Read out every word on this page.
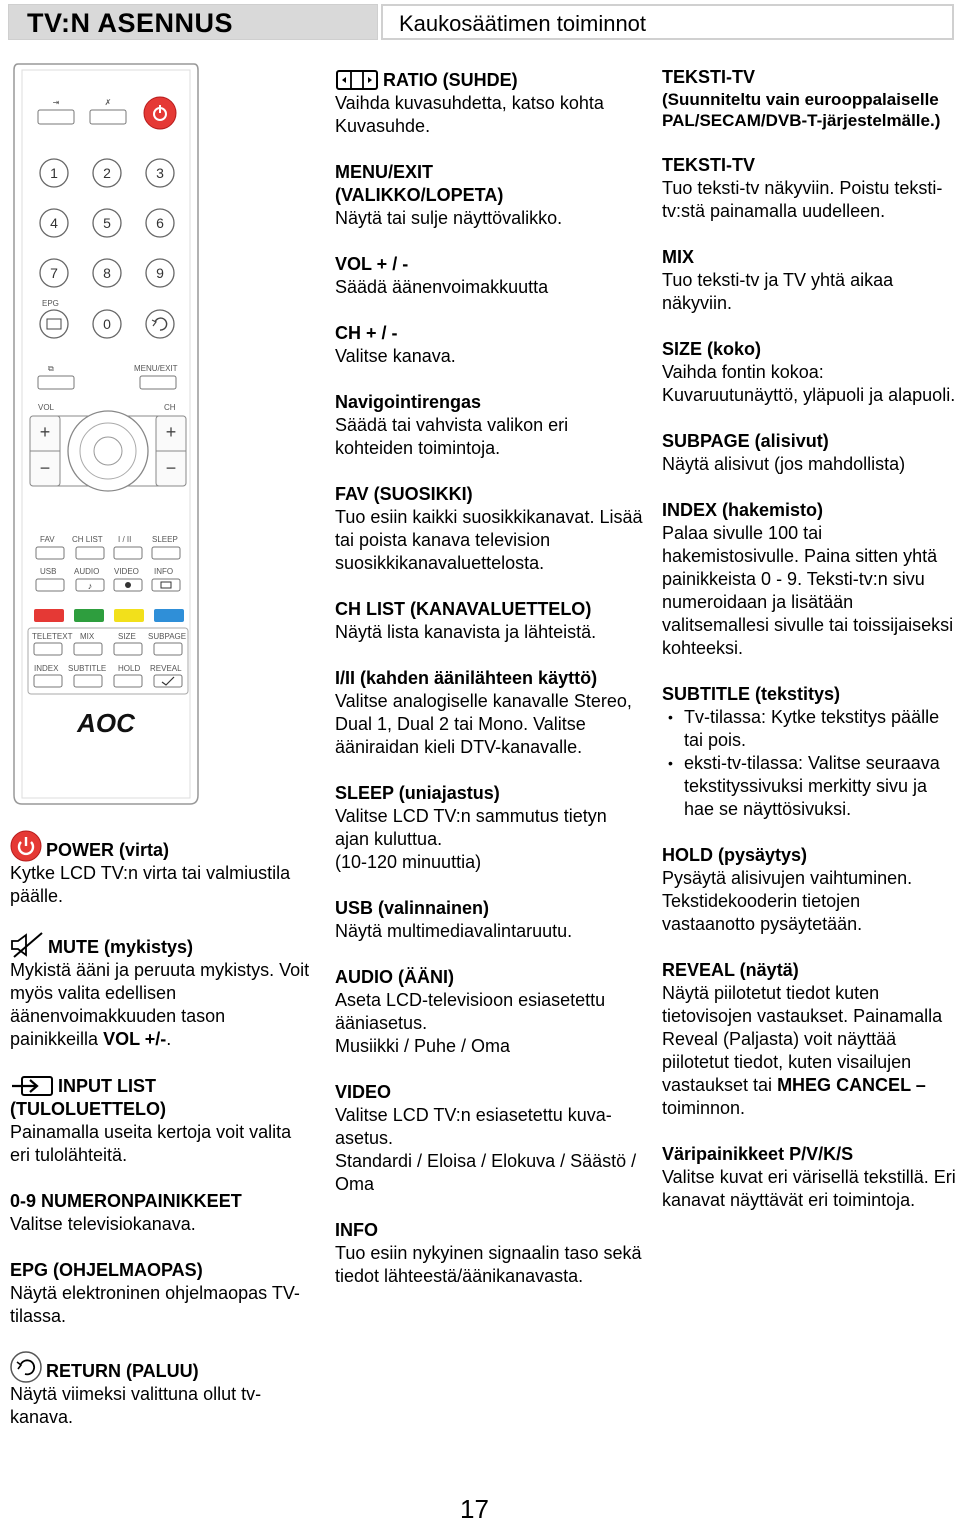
TV:N ASENNUS	Kaukosäätimen toiminnot
⇥	✗
1	2	3
4	5	6
7	8	9
EPG
0
⧉	MENU/EXIT
VOL	CH
+
−
+
−
FAV CH LIST I / II	SLEEP
USB AUDIO VIDEO INFO
♪
TELETEXT MIX	SIZE SUBPAGE
INDEX SUBTITLE HOLD REVEAL
AOC
POWER (virta)
Kytke LCD TV:n virta tai valmiustila päälle.
MUTE (mykistys)
Mykistä ääni ja peruuta mykistys. Voit myös valita edellisen äänenvoimakkuuden tason painikkeilla VOL +/-.
INPUT LIST
(TULOLUETTELO)
Painamalla useita kertoja voit valita eri tulolähteitä.
0-9 NUMERONPAINIKKEET
Valitse televisiokanava.
EPG (OHJELMAOPAS)
Näytä elektroninen ohjelmaopas TV-tilassa.
RETURN (PALUU)
Näytä viimeksi valittuna ollut tv-kanava.
RATIO (SUHDE)
Vaihda kuvasuhdetta, katso kohta Kuvasuhde.
MENU/EXIT
(VALIKKO/LOPETA)
Näytä tai sulje näyttövalikko.
VOL + / -
Säädä äänenvoimakkuutta
CH + / -
Valitse kanava.
Navigointirengas
Säädä tai vahvista valikon eri kohteiden toimintoja.
FAV (SUOSIKKI)
Tuo esiin kaikki suosikkikanavat. Lisää tai poista kanava television suosikkikanavaluettelosta.
CH LIST (KANAVALUETTELO)
Näytä lista kanavista ja lähteistä.
I/II (kahden äänilähteen käyttö)
Valitse analogiselle kanavalle Stereo, Dual 1, Dual 2 tai Mono. Valitse ääniraidan kieli DTV-kanavalle.
SLEEP (uniajastus)
Valitse LCD TV:n sammutus tietyn ajan kuluttua.
(10-120 minuuttia)
USB (valinnainen)
Näytä multimediavalintaruutu.
AUDIO (ÄÄNI)
Aseta LCD-televisioon esiasetettu ääniasetus.
Musiikki / Puhe / Oma
VIDEO
Valitse LCD TV:n esiasetettu kuva-asetus.
Standardi / Eloisa / Elokuva / Säästö / Oma
INFO
Tuo esiin nykyinen signaalin taso sekä tiedot lähteestä/äänikanavasta.
TEKSTI-TV
(Suunniteltu vain eurooppalaiselle PAL/SECAM/DVB-T-järjestelmälle.)
TEKSTI-TV
Tuo teksti-tv näkyviin. Poistu teksti-tv:stä painamalla uudelleen.
MIX
Tuo teksti-tv ja TV yhtä aikaa näkyviin.
SIZE (koko)
Vaihda fontin kokoa: Kuvaruutunäyttö, yläpuoli ja alapuoli.
SUBPAGE (alisivut)
Näytä alisivut (jos mahdollista)
INDEX (hakemisto)
Palaa sivulle 100 tai hakemistosivulle. Paina sitten yhtä painikkeista 0 - 9. Teksti-tv:n sivu numeroidaan ja lisätään valitsemallesi sivulle tai toissijaiseksi kohteeksi.
SUBTITLE (tekstitys)
• Tv-tilassa: Kytke tekstitys päälle tai pois.
• eksti-tv-tilassa: Valitse seuraava tekstityssivuksi merkitty sivu ja hae se näyttösivuksi.
HOLD (pysäytys)
Pysäytä alisivujen vaihtuminen. Tekstidekooderin tietojen vastaanotto pysäytetään.
REVEAL (näytä)
Näytä piilotetut tiedot kuten tietovisojen vastaukset. Painamalla Reveal (Paljasta) voit näyttää piilotetut tiedot, kuten visailujen vastaukset tai MHEG CANCEL –toiminnon.
Väripainikkeet P/V/K/S
Valitse kuvat eri värisellä tekstillä. Eri kanavat näyttävät eri toimintoja.
17
